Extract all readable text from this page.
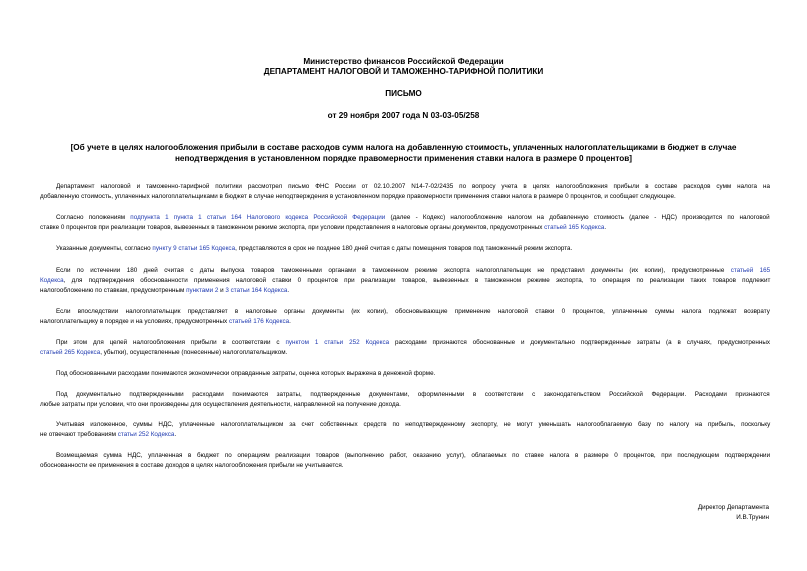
Министерство финансов Российской Федерации
ДЕПАРТАМЕНТ НАЛОГОВОЙ И ТАМОЖЕННО-ТАРИФНОЙ ПОЛИТИКИ
ПИСЬМО
от 29 ноября 2007 года N 03-03-05/258
[Об учете в целях налогообложения прибыли в составе расходов сумм налога на добавленную стоимость, уплаченных налогоплательщиками в бюджет в случае
неподтверждения в установленном порядке правомерности применения ставки налога в размере 0 процентов]
Департамент налоговой и таможенно-тарифной политики рассмотрел письмо ФНС России от 02.10.2007 N14-7-02/2435 по вопросу учета в целях налогообложения прибыли в составе расходов сумм налога на
добавленную стоимость, уплаченных налогоплательщиками в бюджет в случае неподтверждения в установленном порядке правомерности применения ставки налога в размере 0 процентов, и сообщает следующее.
Согласно положениям подпункта 1 пункта 1 статьи 164 Налогового кодекса Российской Федерации (далее - Кодекс) налогообложение налогом на добавленную стоимость (далее - НДС) производится по налоговой
ставке 0 процентов при реализации товаров, вывезенных в таможенном режиме экспорта, при условии представления в налоговые органы документов, предусмотренных статьей 165 Кодекса.
Указанные документы, согласно пункту 9 статьи 165 Кодекса, представляются в срок не позднее 180 дней считая с даты помещения товаров под таможенный режим экспорта.
Если по истечении 180 дней считая с даты выпуска товаров таможенными органами в таможенном режиме экспорта налогоплательщик не представил документы (их копии), предусмотренные статьей 165
Кодекса, для подтверждения обоснованности применения налоговой ставки 0 процентов при реализации товаров, вывезенных в таможенном режиме экспорта, то операция по реализации таких товаров подлежит
налогообложению по ставкам, предусмотренным пунктами 2 и 3 статьи 164 Кодекса.
Если впоследствии налогоплательщик представляет в налоговые органы документы (их копии), обосновывающие применение налоговой ставки 0 процентов, уплаченные суммы налога подлежат возврату
налогоплательщику в порядке и на условиях, предусмотренных статьей 176 Кодекса.
При этом для целей налогообложения прибыли в соответствии с пунктом 1 статьи 252 Кодекса расходами признаются обоснованные и документально подтвержденные затраты (а в случаях, предусмотренных
статьей 265 Кодекса, убытки), осуществленные (понесенные) налогоплательщиком.
Под обоснованными расходами понимаются экономически оправданные затраты, оценка которых выражена в денежной форме.
Под документально подтвержденными расходами понимаются затраты, подтвержденные документами, оформленными в соответствии с законодательством Российской Федерации. Расходами признаются
любые затраты при условии, что они произведены для осуществления деятельности, направленной на получение дохода.
Учитывая изложенное, суммы НДС, уплаченные налогоплательщиком за счет собственных средств по неподтвержденному экспорту, не могут уменьшать налогооблагаемую базу по налогу на прибыль, поскольку
не отвечают требованиям статьи 252 Кодекса.
Возмещаемая сумма НДС, уплаченная в бюджет по операциям реализации товаров (выполнению работ, оказанию услуг), облагаемых по ставке налога в размере 0 процентов, при последующем подтверждении
обоснованности ее применения в составе доходов в целях налогообложения прибыли не учитывается.
Директор Департамента
И.В.Трунин
